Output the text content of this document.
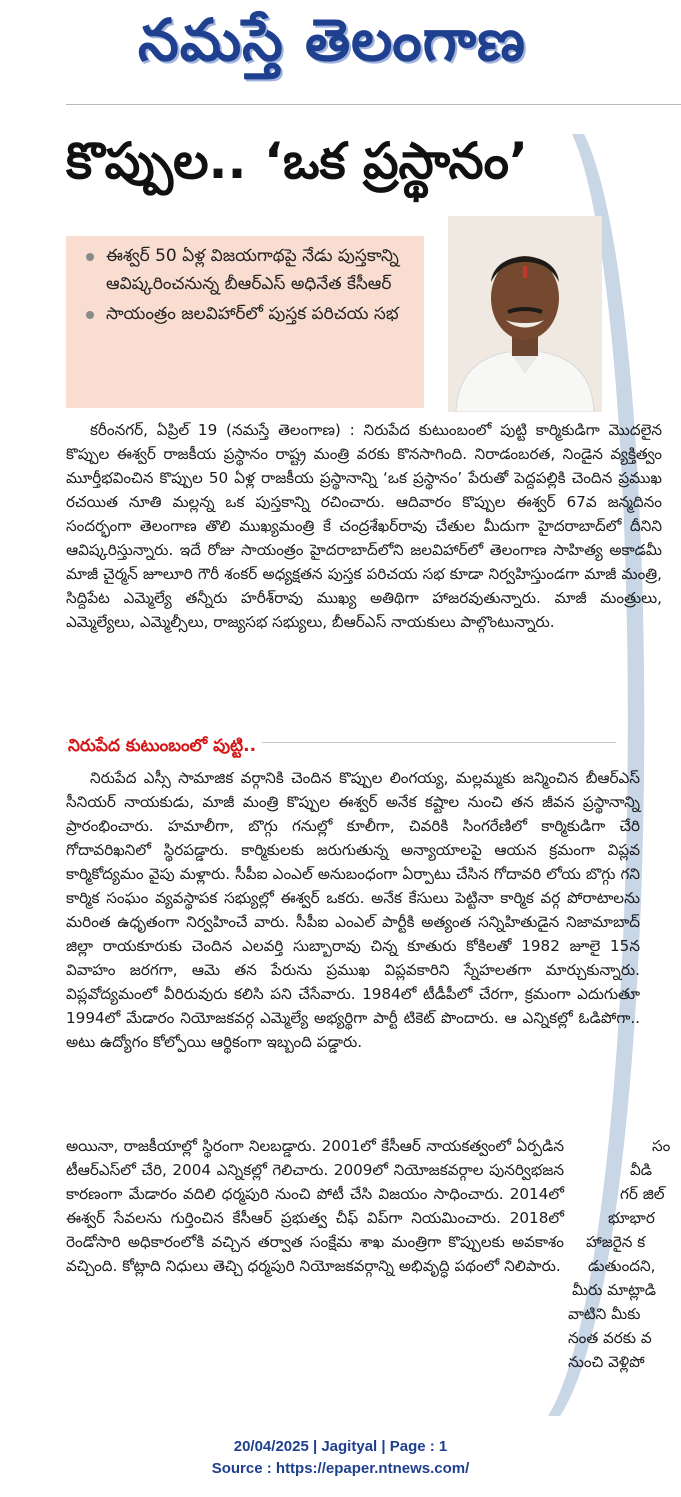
నమస్తే తెలంగాణ
కొప్పుల.. ‘ఒక ప్రస్థానం’
ఈశ్వర్ 50 ఏళ్ల విజయగాథపై నేడు పుస్తకాన్ని ఆవిష్కరించనున్న బీఆర్ఎస్ అధినేత కేసీఆర్
సాయంత్రం జలవిహార్‌లో పుస్తక పరిచయ సభ

కరీంనగర్, ఏప్రిల్ 19 (నమస్తే తెలంగాణ) : నిరుపేద కుటుంబంలో పుట్టి కార్మికుడిగా మొదలైన కొప్పుల ఈశ్వర్ రాజకీయ ప్రస్థానం రాష్ట్ర మంత్రి వరకు కొనసాగింది. నిరాడంబరత, నిండైన వ్యక్తిత్వం మూర్తీభవించిన కొప్పుల 50 ఏళ్ల రాజకీయ ప్రస్థానాన్ని ‘ఒక ప్రస్థానం’ పేరుతో పెద్దపల్లికి చెందిన ప్రముఖ రచయిత నూతి మల్లన్న ఒక పుస్తకాన్ని రచించారు. ఆదివారం కొప్పుల ఈశ్వర్ 67వ జన్మదినం సందర్భంగా తెలంగాణ తొలి ముఖ్యమంత్రి కే చంద్రశేఖర్‌రావు చేతుల మీదుగా హైదరాబాద్‌లో దీనిని ఆవిష్కరిస్తున్నారు. ఇదే రోజు సాయంత్రం హైదరాబాద్‌లోని జలవిహార్‌లో తెలంగాణ సాహిత్య అకాడమీ మాజీ చైర్మన్ జూలూరి గౌరీ శంకర్ అధ్యక్షతన పుస్తక పరిచయ సభ కూడా నిర్వహిస్తుండగా మాజీ మంత్రి, సిద్దిపేట ఎమ్మెల్యే తన్నీరు హరీశ్‌రావు ముఖ్య అతిథిగా హాజరవుతున్నారు. మాజీ మంత్రులు, ఎమ్మెల్యేలు, ఎమ్మెల్సీలు, రాజ్యసభ సభ్యులు, బీఆర్ఎస్ నాయకులు పాల్గొంటున్నారు.

నిరుపేద కుటుంబంలో పుట్టి..

నిరుపేద ఎస్సీ సామాజిక వర్గానికి చెందిన కొప్పుల లింగయ్య, మల్లమ్మకు జన్మించిన బీఆర్ఎస్ సీనియర్ నాయకుడు, మాజీ మంత్రి కొప్పుల ఈశ్వర్ అనేక కష్టాల నుంచి తన జీవన ప్రస్థానాన్ని ప్రారంభించారు. హమాలీగా, బొగ్గు గనుల్లో కూలీగా, చివరికి సింగరేణిలో కార్మికుడిగా చేరి గోదావరిఖనిలో స్థిరపడ్డారు. కార్మికులకు జరుగుతున్న అన్యాయాలపై ఆయన క్రమంగా విప్లవ కార్మికోద్యమం వైపు మళ్లారు. సీపీఐ ఎంఎల్ అనుబంధంగా ఏర్పాటు చేసిన గోదావరి లోయ బొగ్గు గని కార్మిక సంఘం వ్యవస్థాపక సభ్యుల్లో ఈశ్వర్ ఒకరు. అనేక కేసులు పెట్టినా కార్మిక వర్గ పోరాటాలను మరింత ఉధృతంగా నిర్వహించే వారు. సీపీఐ ఎంఎల్ పార్టీకి అత్యంత సన్నిహితుడైన నిజామాబాద్ జిల్లా రాయకూరుకు చెందిన ఎలవర్తి సుబ్బారావు చిన్న కూతురు కోకిలతో 1982 జూలై 15న వివాహం జరగగా, ఆమె తన పేరును ప్రముఖ విప్లవకారిని స్నేహలతగా మార్చుకున్నారు. విప్లవోద్యమంలో వీరిరువురు కలిసి పని చేసేవారు. 1984లో టీడీపీలో చేరగా, క్రమంగా ఎదుగుతూ 1994లో మేడారం నియోజకవర్గ ఎమ్మెల్యే అభ్యర్థిగా పార్టీ టికెట్ పొందారు. ఆ ఎన్నికల్లో ఓడిపోగా.. అటు ఉద్యోగం కోల్పోయి ఆర్థికంగా ఇబ్బంది పడ్డారు.

అయినా, రాజకీయాల్లో స్థిరంగా నిలబడ్డారు. 2001లో కేసీఆర్ నాయకత్వంలో ఏర్పడిన టీఆర్ఎస్‌లో చేరి, 2004 ఎన్నికల్లో గెలిచారు. 2009లో నియోజకవర్గాల పునర్విభజన కారణంగా మేడారం వదిలి ధర్మపురి నుంచి పోటీ చేసి విజయం సాధించారు. 2014లో ఈశ్వర్ సేవలను గుర్తించిన కేసీఆర్ ప్రభుత్వ చీఫ్ విప్‌గా నియమించారు. 2018లో రెండోసారి అధికారంలోకి వచ్చిన తర్వాత సంక్షేమ శాఖ మంత్రిగా కొప్పులకు అవకాశం వచ్చింది. కోట్లాది నిధులు తెచ్చి ధర్మపురి నియోజకవర్గాన్ని అభివృద్ధి పథంలో నిలిపారు.

సం
వీడి
గర్ జిల్
భూభార
హాజరైన క
డుతుందని,
మీరు మాట్లాడి
వాటిని మీకు
నంత వరకు వ
నుంచి వెళ్లిపో
20/04/2025 | Jagityal | Page : 1
Source : https://epaper.ntnews.com/
